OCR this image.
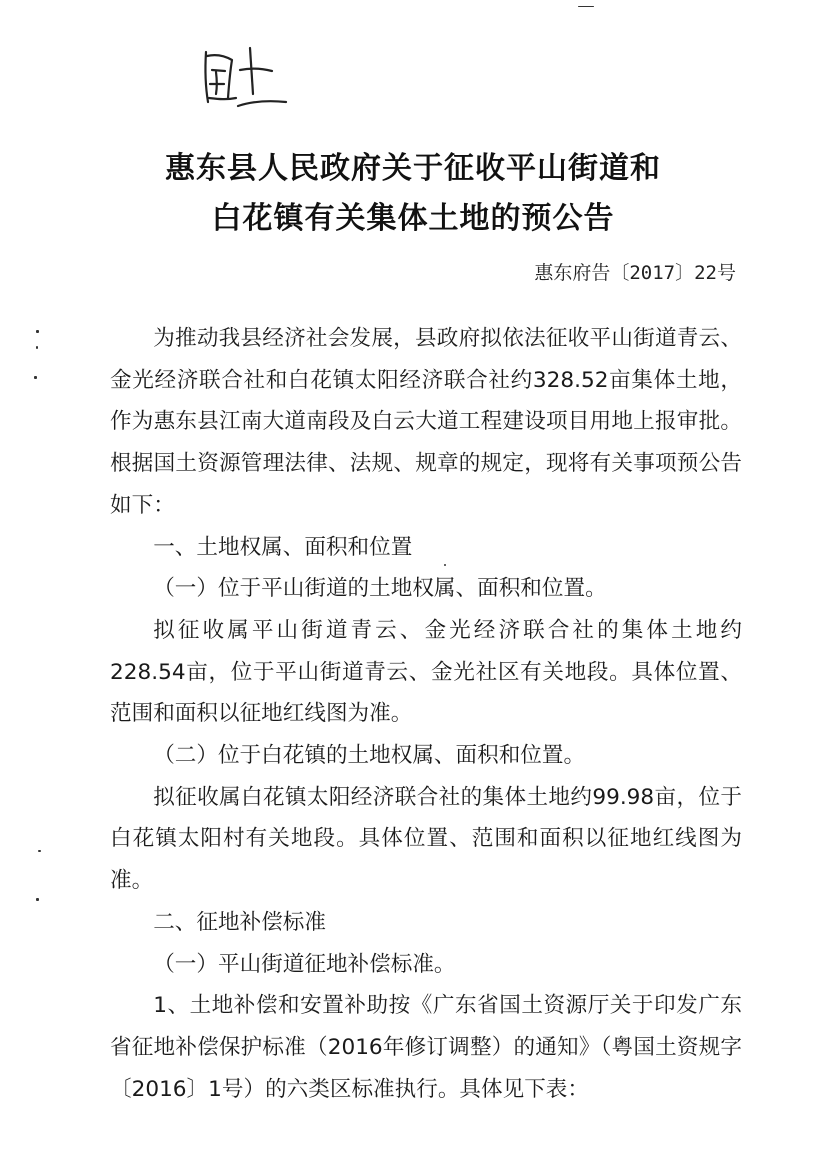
惠东县人民政府关于征收平山街道和
白花镇有关集体土地的预公告
惠东府告〔2017〕22号

为推动我县经济社会发展，县政府拟依法征收平山街道青云、金光经济联合社和白花镇太阳经济联合社约328.52亩集体土地，作为惠东县江南大道南段及白云大道工程建设项目用地上报审批。根据国土资源管理法律、法规、规章的规定，现将有关事项预公告如下：

一、土地权属、面积和位置

（一）位于平山街道的土地权属、面积和位置。

拟征收属平山街道青云、金光经济联合社的集体土地约228.54亩，位于平山街道青云、金光社区有关地段。具体位置、范围和面积以征地红线图为准。

（二）位于白花镇的土地权属、面积和位置。

拟征收属白花镇太阳经济联合社的集体土地约99.98亩，位于白花镇太阳村有关地段。具体位置、范围和面积以征地红线图为准。

二、征地补偿标准

（一）平山街道征地补偿标准。

1、土地补偿和安置补助按《广东省国土资源厅关于印发广东省征地补偿保护标准（2016年修订调整）的通知》（粤国土资规字〔2016〕1号）的六类区标准执行。具体见下表：
